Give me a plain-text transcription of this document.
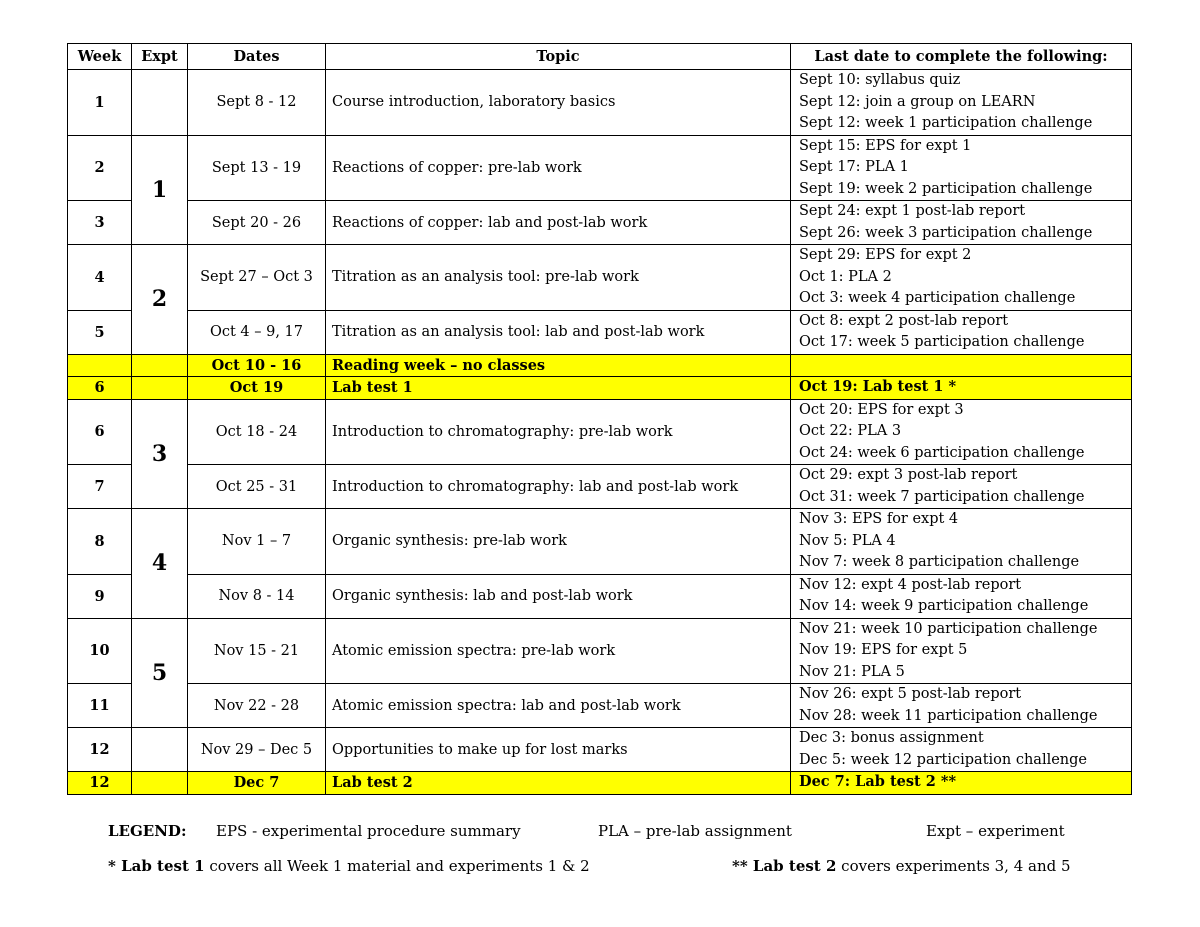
Week	Expt	Dates	Topic	Last date to complete the following:
1		Sept 8 - 12	Course introduction, laboratory basics	Sept 10: syllabus quiz
Sept 12: join a group on LEARN
Sept 12: week 1 participation challenge

2	1	Sept 13 - 19	Reactions of copper: pre-lab work	Sept 15: EPS for expt 1
Sept 17: PLA 1
Sept 19: week 2 participation challenge

3		Sept 20 - 26	Reactions of copper: lab and post-lab work	Sept 24: expt 1 post-lab report
Sept 26: week 3 participation challenge

4	2	Sept 27 – Oct 3	Titration as an analysis tool: pre-lab work	Sept 29: EPS for expt 2
Oct 1: PLA 2
Oct 3: week 4 participation challenge

5		Oct 4 – 9, 17	Titration as an analysis tool: lab and post-lab work	Oct 8: expt 2 post-lab report
Oct 17: week 5 participation challenge

		Oct 10 - 16	Reading week – no classes	

6		Oct 19	Lab test 1	Oct 19: Lab test 1 *

6	3	Oct 18 - 24	Introduction to chromatography: pre-lab work	Oct 20: EPS for expt 3
Oct 22: PLA 3
Oct 24: week 6 participation challenge

7		Oct 25 - 31	Introduction to chromatography: lab and post-lab work	Oct 29: expt 3 post-lab report
Oct 31: week 7 participation challenge

8	4	Nov 1 – 7	Organic synthesis: pre-lab work	Nov 3: EPS for expt 4
Nov 5: PLA 4
Nov 7: week 8 participation challenge

9		Nov 8 - 14	Organic synthesis: lab and post-lab work	Nov 12: expt 4 post-lab report
Nov 14: week 9 participation challenge

10	5	Nov 15 - 21	Atomic emission spectra: pre-lab work	Nov 21: week 10 participation challenge
Nov 19: EPS for expt 5
Nov 21: PLA 5

11		Nov 22 - 28	Atomic emission spectra: lab and post-lab work	Nov 26: expt 5 post-lab report
Nov 28: week 11 participation challenge

12		Nov 29 – Dec 5	Opportunities to make up for lost marks	Dec 3: bonus assignment
Dec 5: week 12 participation challenge

12		Dec 7	Lab test 2	Dec 7: Lab test 2 **
LEGEND: EPS - experimental procedure summary	PLA – pre-lab assignment	Expt – experiment
* Lab test 1 covers all Week 1 material and experiments 1 & 2	** Lab test 2 covers experiments 3, 4 and 5
